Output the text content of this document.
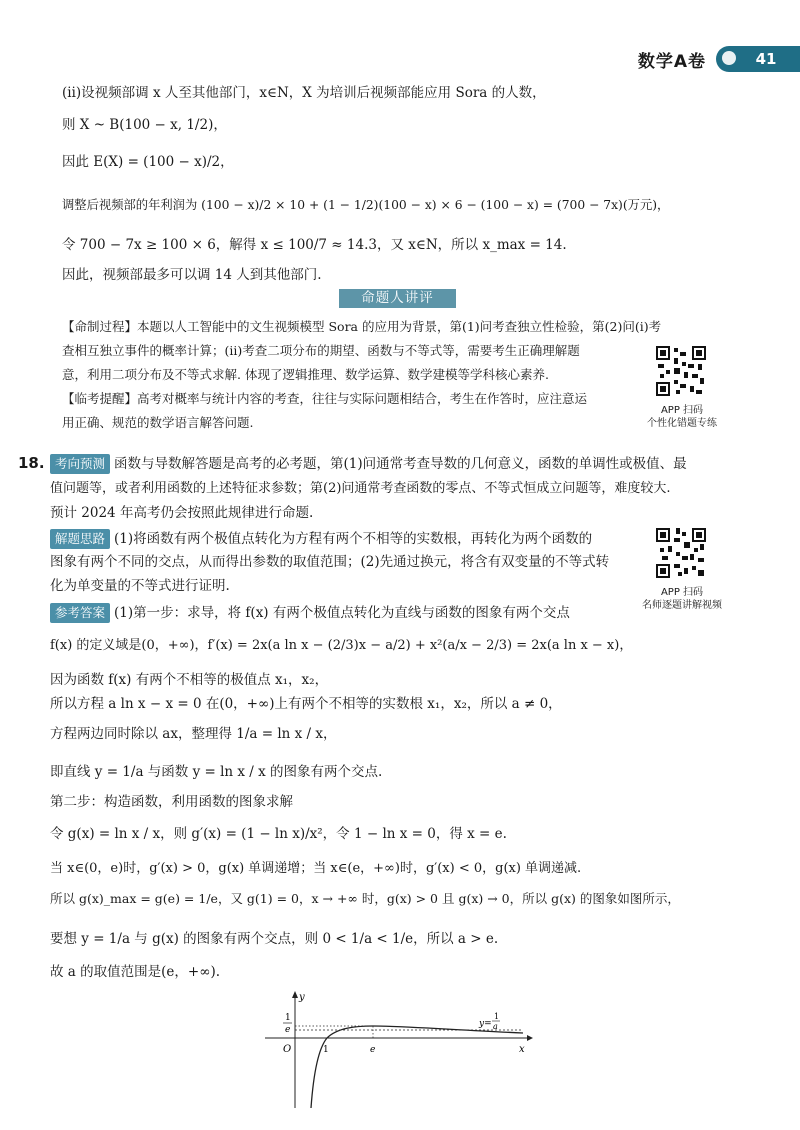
数学A卷	41
(ⅱ)设视频部调 x 人至其他部门，x∈N，X 为培训后视频部能应用 Sora 的人数，
则 X ~ B(100 − x, 1/2)，
因此 E(X) = (100 − x)/2，
调整后视频部的年利润为 (100 − x)/2 × 10 + (1 − 1/2)(100 − x) × 6 − (100 − x) = (700 − 7x)(万元)，
令 700 − 7x ≥ 100 × 6，解得 x ≤ 100/7 ≈ 14.3，又 x∈N，所以 x_max = 14.
因此，视频部最多可以调 14 人到其他部门.
命题人讲评
【命制过程】本题以人工智能中的文生视频模型 Sora 的应用为背景，第(1)问考查独立性检验，第(2)问(ⅰ)考
查相互独立事件的概率计算；(ⅱ)考查二项分布的期望、函数与不等式等，需要考生正确理解题
意，利用二项分布及不等式求解. 体现了逻辑推理、数学运算、数学建模等学科核心素养.
【临考提醒】高考对概率与统计内容的考查，往往与实际问题相结合，考生在作答时，应注意运
用正确、规范的数学语言解答问题.
APP 扫码
个性化错题专练
18. 考向预测 函数与导数解答题是高考的必考题，第(1)问通常考查导数的几何意义，函数的单调性或极值、最
值问题等，或者利用函数的上述特征求参数；第(2)问通常考查函数的零点、不等式恒成立问题等，难度较大.
预计 2024 年高考仍会按照此规律进行命题.
解题思路 (1)将函数有两个极值点转化为方程有两个不相等的实数根，再转化为两个函数的
图象有两个不同的交点，从而得出参数的取值范围；(2)先通过换元，将含有双变量的不等式转
化为单变量的不等式进行证明.	APP 扫码
名师逐题讲解视频
参考答案 (1)第一步：求导，将 f(x) 有两个极值点转化为直线与函数的图象有两个交点
f(x) 的定义域是(0，+∞)，f′(x) = 2x(a ln x − (2/3)x − a/2) + x²(a/x − 2/3) = 2x(a ln x − x)，
因为函数 f(x) 有两个不相等的极值点 x₁，x₂，
所以方程 a ln x − x = 0 在(0，+∞)上有两个不相等的实数根 x₁，x₂，所以 a ≠ 0，
方程两边同时除以 ax，整理得 1/a = ln x / x，
即直线 y = 1/a 与函数 y = ln x / x 的图象有两个交点.
第二步：构造函数，利用函数的图象求解
令 g(x) = ln x / x，则 g′(x) = (1 − ln x)/x²，令 1 − ln x = 0，得 x = e.
当 x∈(0，e)时，g′(x) > 0，g(x) 单调递增；当 x∈(e，+∞)时，g′(x) < 0，g(x) 单调递减.
所以 g(x)_max = g(e) = 1/e，又 g(1) = 0，x → +∞ 时，g(x) > 0 且 g(x) → 0，所以 g(x) 的图象如图所示，
要想 y = 1/a 与 g(x) 的图象有两个交点，则 0 < 1/a < 1/e，所以 a > e.
故 a 的取值范围是(e，+∞).
y
x
O	1	e
1
e
y=
1
a
